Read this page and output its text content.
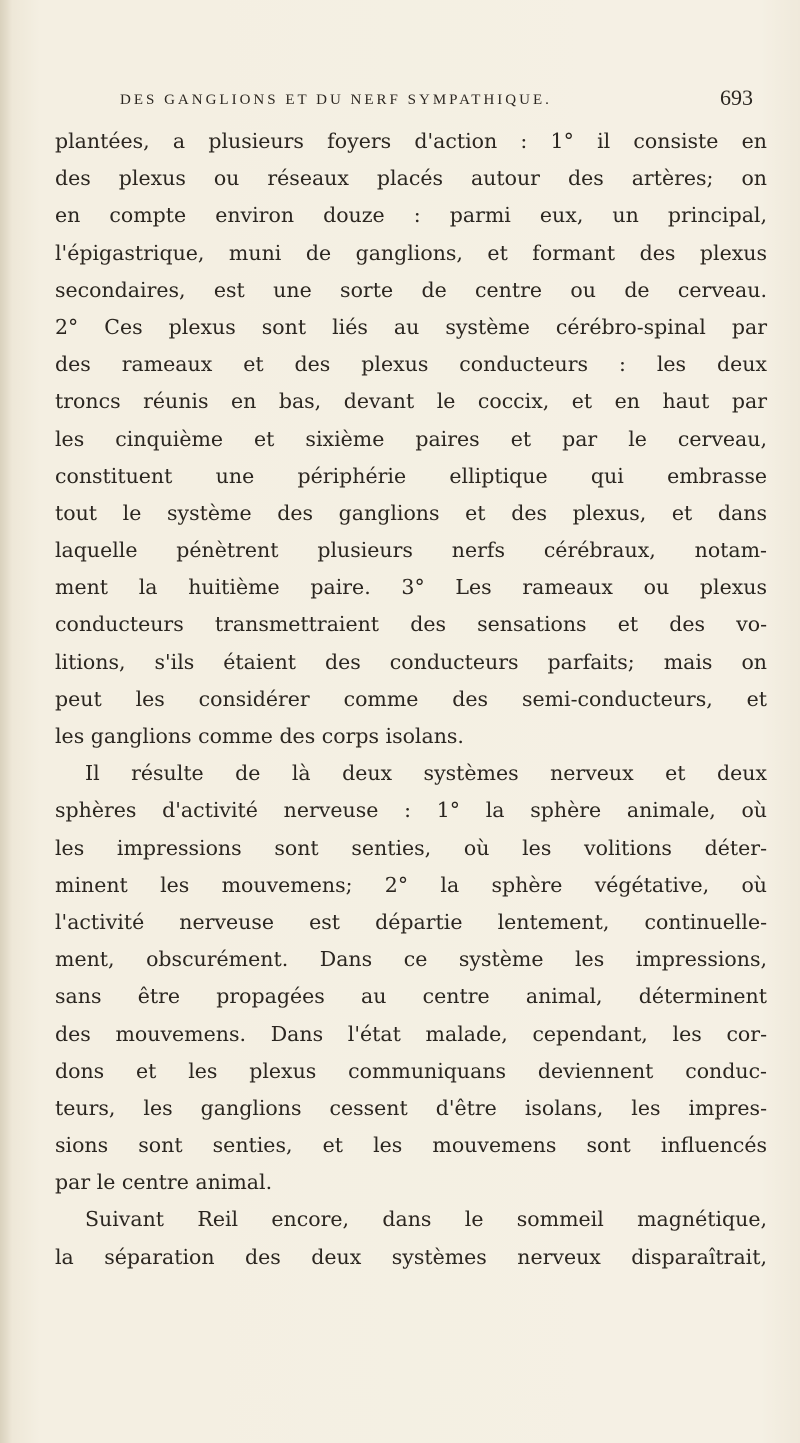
DES GANGLIONS ET DU NERF SYMPATHIQUE.	693
plantées, a plusieurs foyers d'action : 1° il consiste en
des plexus ou réseaux placés autour des artères; on
en compte environ douze : parmi eux, un principal,
l'épigastrique, muni de ganglions, et formant des plexus
secondaires, est une sorte de centre ou de cerveau.
2° Ces plexus sont liés au système cérébro-spinal par
des rameaux et des plexus conducteurs : les deux
troncs réunis en bas, devant le coccix, et en haut par
les cinquième et sixième paires et par le cerveau,
constituent une périphérie elliptique qui embrasse
tout le système des ganglions et des plexus, et dans
laquelle pénètrent plusieurs nerfs cérébraux, notam-
ment la huitième paire. 3° Les rameaux ou plexus
conducteurs transmettraient des sensations et des vo-
litions, s'ils étaient des conducteurs parfaits; mais on
peut les considérer comme des semi-conducteurs, et
les ganglions comme des corps isolans.
Il résulte de là deux systèmes nerveux et deux
sphères d'activité nerveuse : 1° la sphère animale, où
les impressions sont senties, où les volitions déter-
minent les mouvemens; 2° la sphère végétative, où
l'activité nerveuse est départie lentement, continuelle-
ment, obscurément. Dans ce système les impressions,
sans être propagées au centre animal, déterminent
des mouvemens. Dans l'état malade, cependant, les cor-
dons et les plexus communiquans deviennent conduc-
teurs, les ganglions cessent d'être isolans, les impres-
sions sont senties, et les mouvemens sont influencés
par le centre animal.
Suivant Reil encore, dans le sommeil magnétique,
la séparation des deux systèmes nerveux disparaîtrait,
